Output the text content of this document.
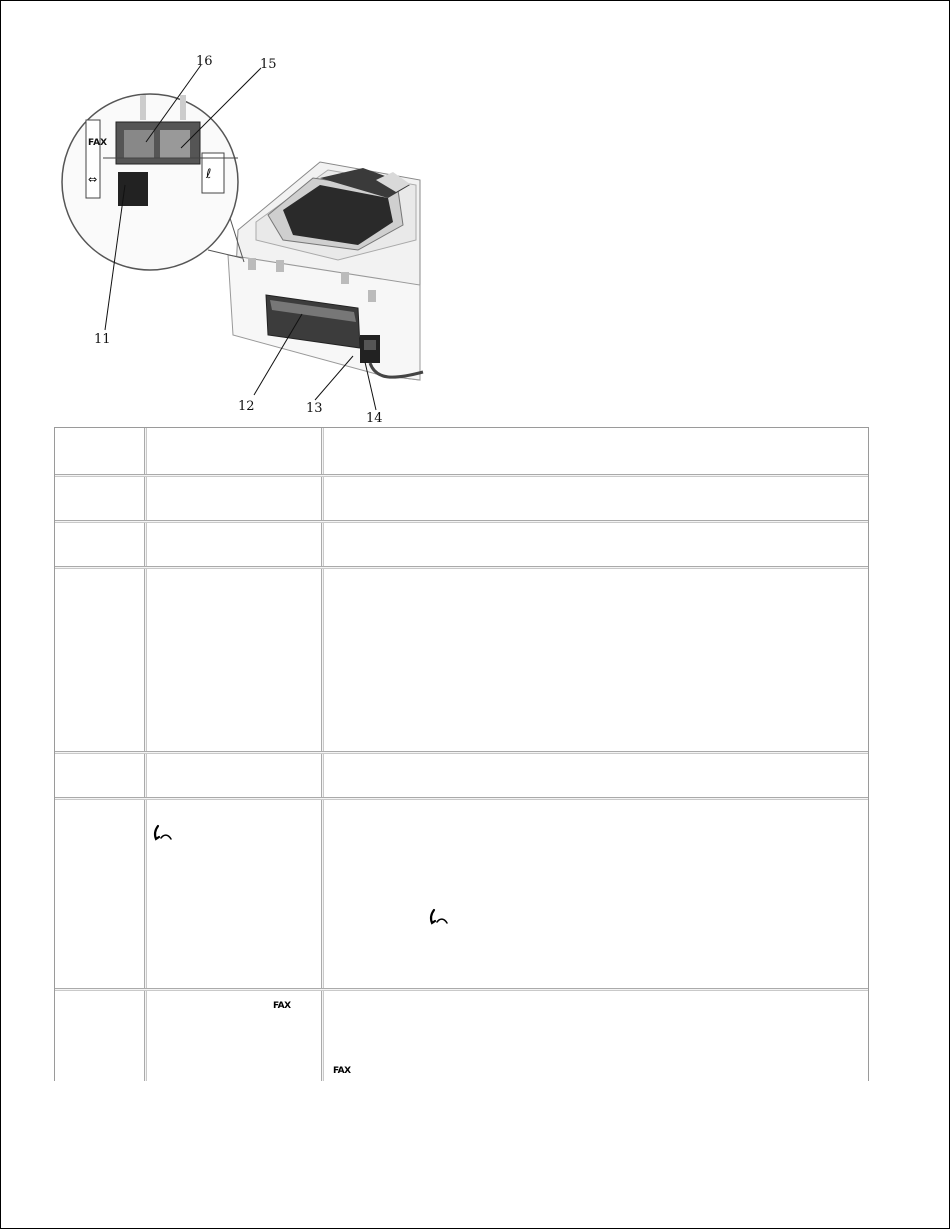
FAX
⇔	ℓ
16	15
11
12	13
14
FAX
FAX
